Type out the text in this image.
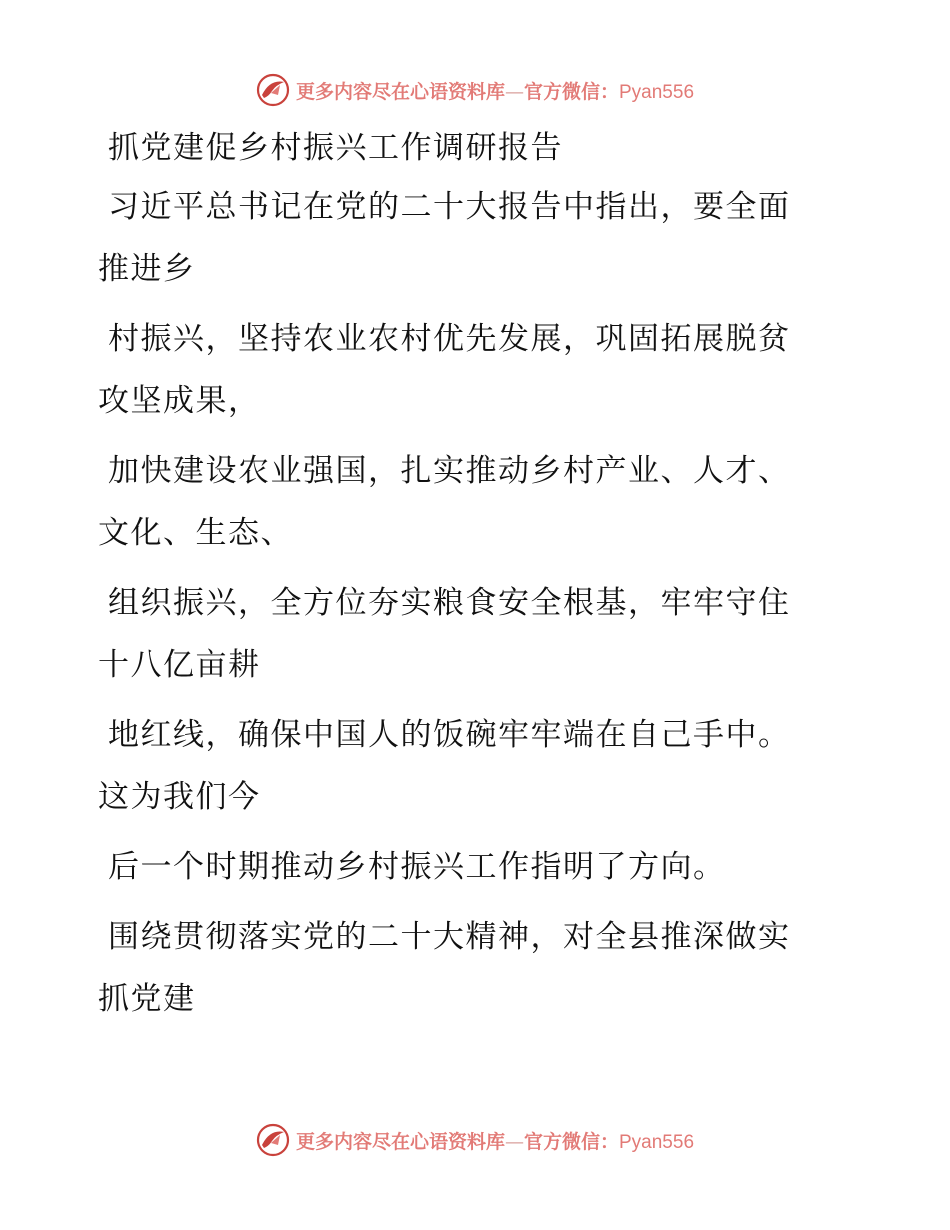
更多内容尽在心语资料库—官方微信：Pyan556
抓党建促乡村振兴工作调研报告
习近平总书记在党的二十大报告中指出，要全面
推进乡
村振兴，坚持农业农村优先发展，巩固拓展脱贫
攻坚成果，
加快建设农业强国，扎实推动乡村产业、人才、
文化、生态、
组织振兴，全方位夯实粮食安全根基，牢牢守住
十八亿亩耕
地红线，确保中国人的饭碗牢牢端在自己手中。
这为我们今
后一个时期推动乡村振兴工作指明了方向。
围绕贯彻落实党的二十大精神，对全县推深做实
抓党建
更多内容尽在心语资料库—官方微信：Pyan556
